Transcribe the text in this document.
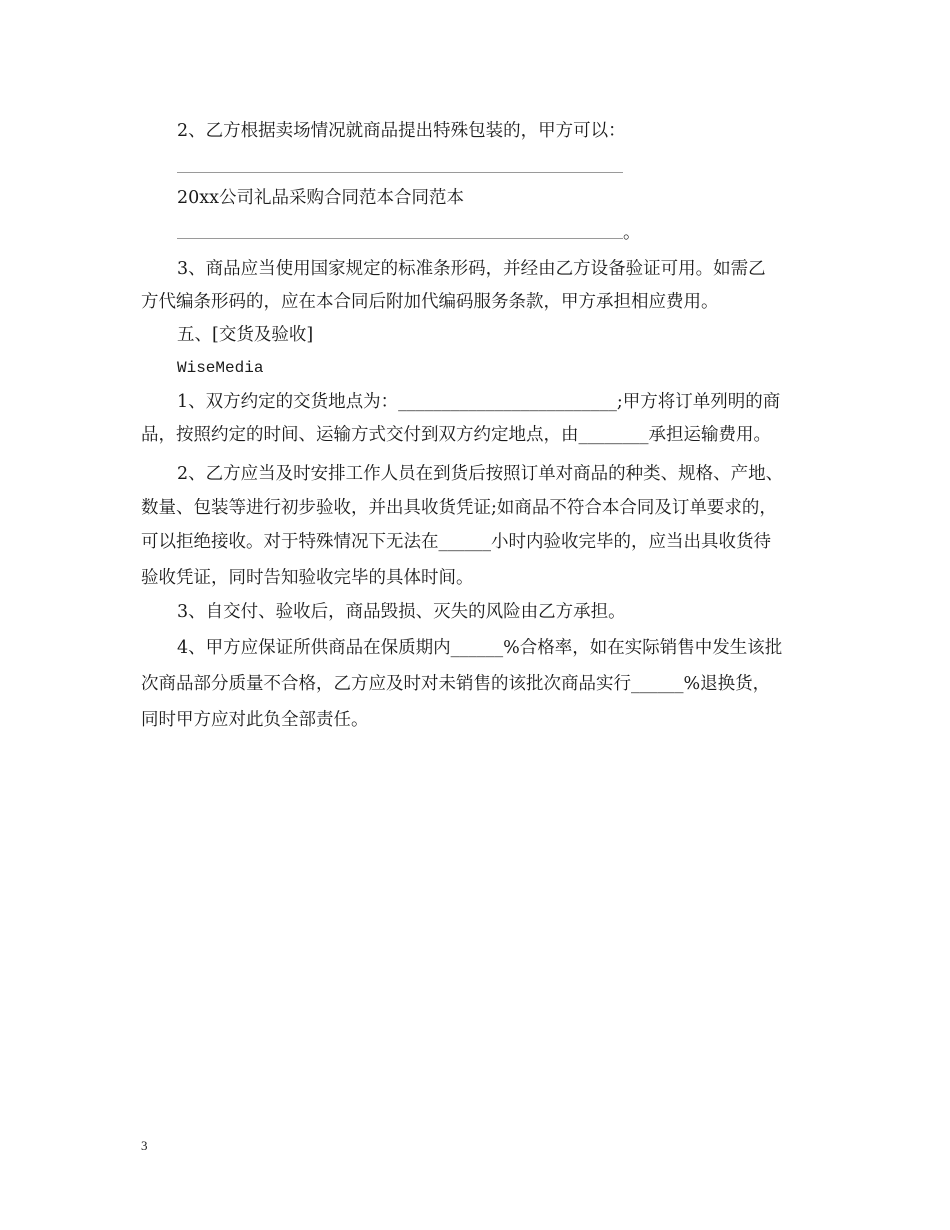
2、乙方根据卖场情况就商品提出特殊包装的，甲方可以：
20xx公司礼品采购合同范本合同范本
。
3、商品应当使用国家规定的标准条形码，并经由乙方设备验证可用。如需乙
方代编条形码的，应在本合同后附加代编码服务条款，甲方承担相应费用。
五、[交货及验收]
WiseMedia
1、双方约定的交货地点为：_________________________;甲方将订单列明的商
品，按照约定的时间、运输方式交付到双方约定地点，由________承担运输费用。
2、乙方应当及时安排工作人员在到货后按照订单对商品的种类、规格、产地、
数量、包装等进行初步验收，并出具收货凭证;如商品不符合本合同及订单要求的，
可以拒绝接收。对于特殊情况下无法在______小时内验收完毕的，应当出具收货待
验收凭证，同时告知验收完毕的具体时间。
3、自交付、验收后，商品毁损、灭失的风险由乙方承担。
4、甲方应保证所供商品在保质期内______%合格率，如在实际销售中发生该批
次商品部分质量不合格，乙方应及时对未销售的该批次商品实行______%退换货，
同时甲方应对此负全部责任。
3
